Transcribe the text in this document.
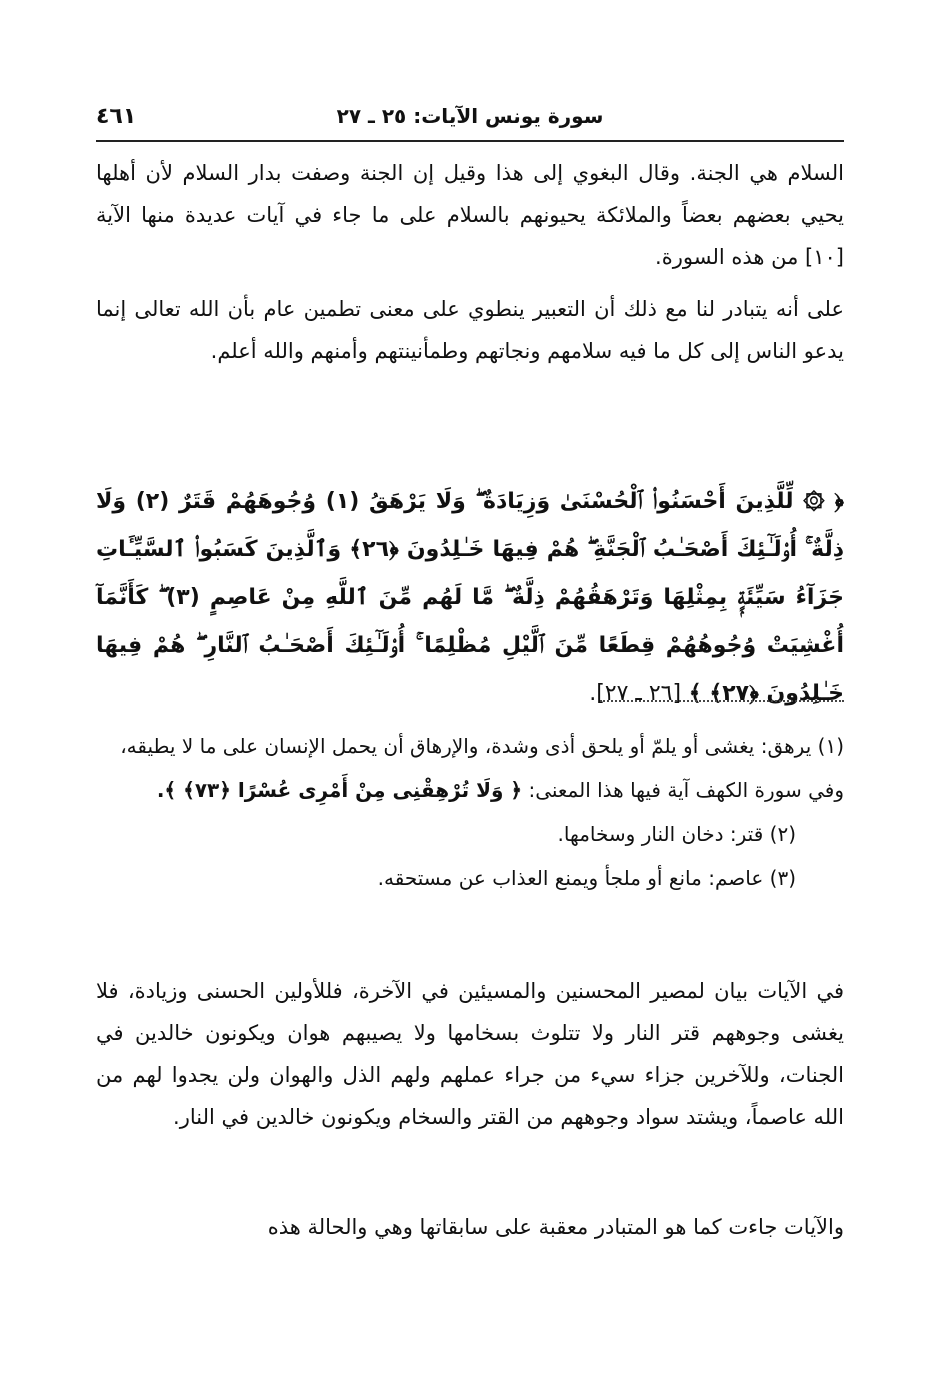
سورة يونس الآيات: ٢٥ ـ ٢٧
٤٦١

السلام هي الجنة. وقال البغوي إلى هذا وقيل إن الجنة وصفت بدار السلام لأن أهلها يحيي بعضهم بعضاً والملائكة يحيونهم بالسلام على ما جاء في آيات عديدة منها الآية [١٠] من هذه السورة.

على أنه يتبادر لنا مع ذلك أن التعبير ينطوي على معنى تطمين عام بأن الله تعالى إنما يدعو الناس إلى كل ما فيه سلامهم ونجاتهم وطمأنينتهم وأمنهم والله أعلم.

﴿ ۞ لِّلَّذِينَ أَحْسَنُوا۟ ٱلْحُسْنَىٰ وَزِيَادَةٌ ۖ وَلَا يَرْهَقُ (١) وُجُوهَهُمْ قَتَرٌ (٢) وَلَا ذِلَّةٌ ۚ أُو۟لَـٰٓئِكَ أَصْحَـٰبُ ٱلْجَنَّةِ ۖ هُمْ فِيهَا خَـٰلِدُونَ ﴿٢٦﴾ وَٱلَّذِينَ كَسَبُوا۟ ٱلسَّيِّـَٔاتِ جَزَآءُ سَيِّئَةٍۭ بِمِثْلِهَا وَتَرْهَقُهُمْ ذِلَّةٌ ۖ مَّا لَهُم مِّنَ ٱللَّهِ مِنْ عَاصِمٍ (٣) ۖ كَأَنَّمَآ أُغْشِيَتْ وُجُوهُهُمْ قِطَعًا مِّنَ ٱلَّيْلِ مُظْلِمًا ۚ أُو۟لَـٰٓئِكَ أَصْحَـٰبُ ٱلنَّارِ ۖ هُمْ فِيهَا خَـٰلِدُونَ ﴿٢٧﴾ ﴾ [٢٦ ـ ٢٧].

(١) يرهق: يغشى أو يلمّ أو يلحق أذى وشدة، والإرهاق أن يحمل الإنسان على ما لا يطيقه، وفي سورة الكهف آية فيها هذا المعنى: ﴿ وَلَا تُرْهِقْنِى مِنْ أَمْرِى عُسْرًا ﴿٧٣﴾ ﴾.

(٢) قتر: دخان النار وسخامها.

(٣) عاصم: مانع أو ملجأ ويمنع العذاب عن مستحقه.

في الآيات بيان لمصير المحسنين والمسيئين في الآخرة، فللأولين الحسنى وزيادة، فلا يغشى وجوههم قتر النار ولا تتلوث بسخامها ولا يصيبهم هوان ويكونون خالدين في الجنات، وللآخرين جزاء سيء من جراء عملهم ولهم الذل والهوان ولن يجدوا لهم من الله عاصماً، ويشتد سواد وجوههم من القتر والسخام ويكونون خالدين في النار.

والآيات جاءت كما هو المتبادر معقبة على سابقاتها وهي والحالة هذه
